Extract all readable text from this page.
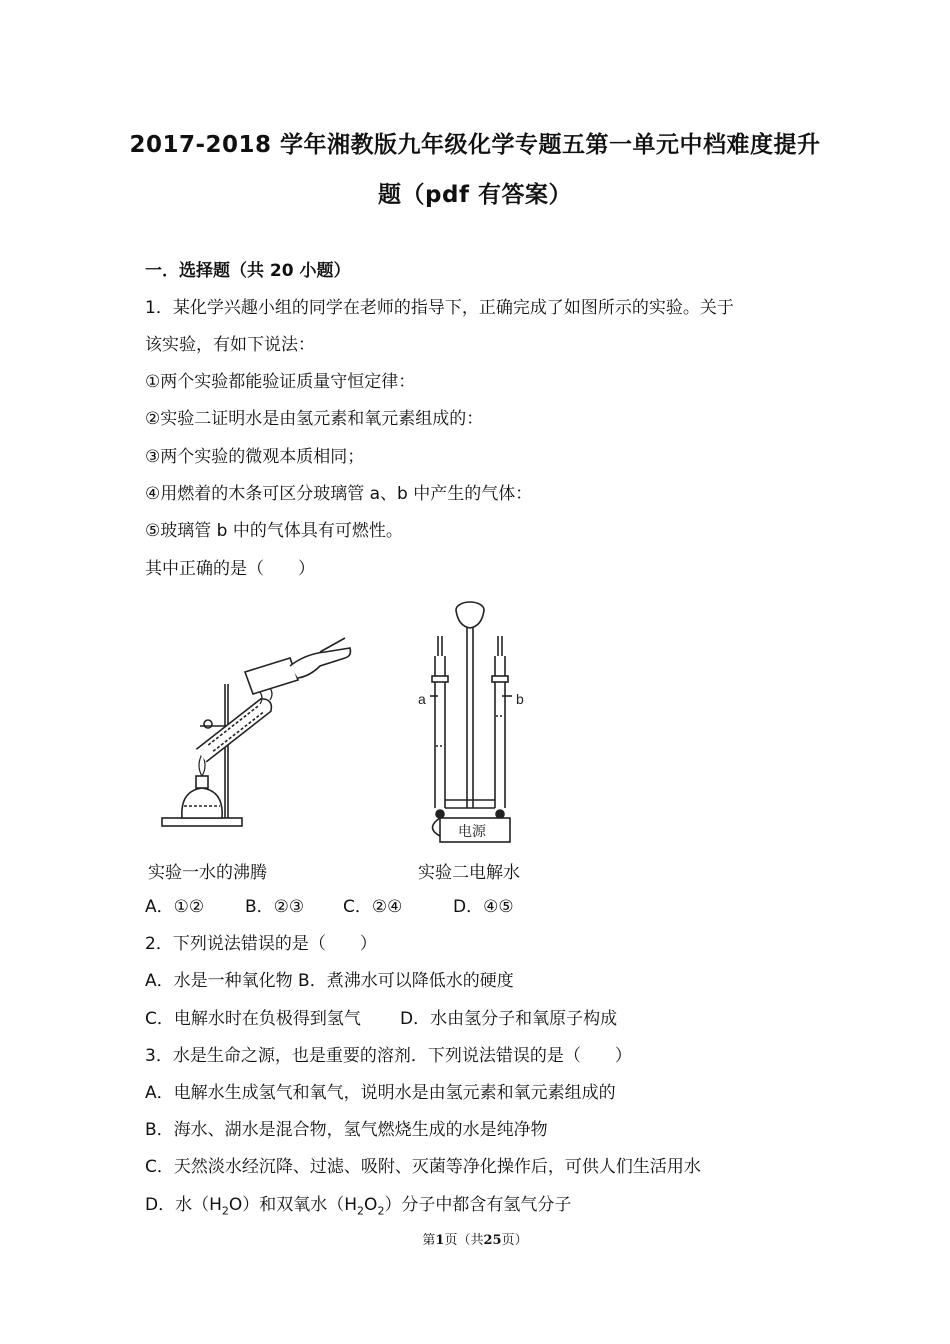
2017-2018 学年湘教版九年级化学专题五第一单元中档难度提升
题（pdf 有答案）
一．选择题（共 20 小题）
1．某化学兴趣小组的同学在老师的指导下，正确完成了如图所示的实验。关于
该实验，有如下说法：
①两个实验都能验证质量守恒定律：
②实验二证明水是由氢元素和氧元素组成的：
③两个实验的微观本质相同；
④用燃着的木条可区分玻璃管 a、b 中产生的气体：
⑤玻璃管 b 中的气体具有可燃性。
其中正确的是（　　）
a	b
电源
实验一水的沸腾	实验二电解水
A．①② B．②③ C．②④	D．④⑤
2．下列说法错误的是（　　）
A．水是一种氧化物 B．煮沸水可以降低水的硬度
C．电解水时在负极得到氢气 D．水由氢分子和氧原子构成
3．水是生命之源，也是重要的溶剂．下列说法错误的是（　　）
A．电解水生成氢气和氧气，说明水是由氢元素和氧元素组成的
B．海水、湖水是混合物，氢气燃烧生成的水是纯净物
C．天然淡水经沉降、过滤、吸附、灭菌等净化操作后，可供人们生活用水
D．水$(H_2O)$和双氧水$(H_2O_2)$分子中都含有氢气分子
第1页（共25页）
